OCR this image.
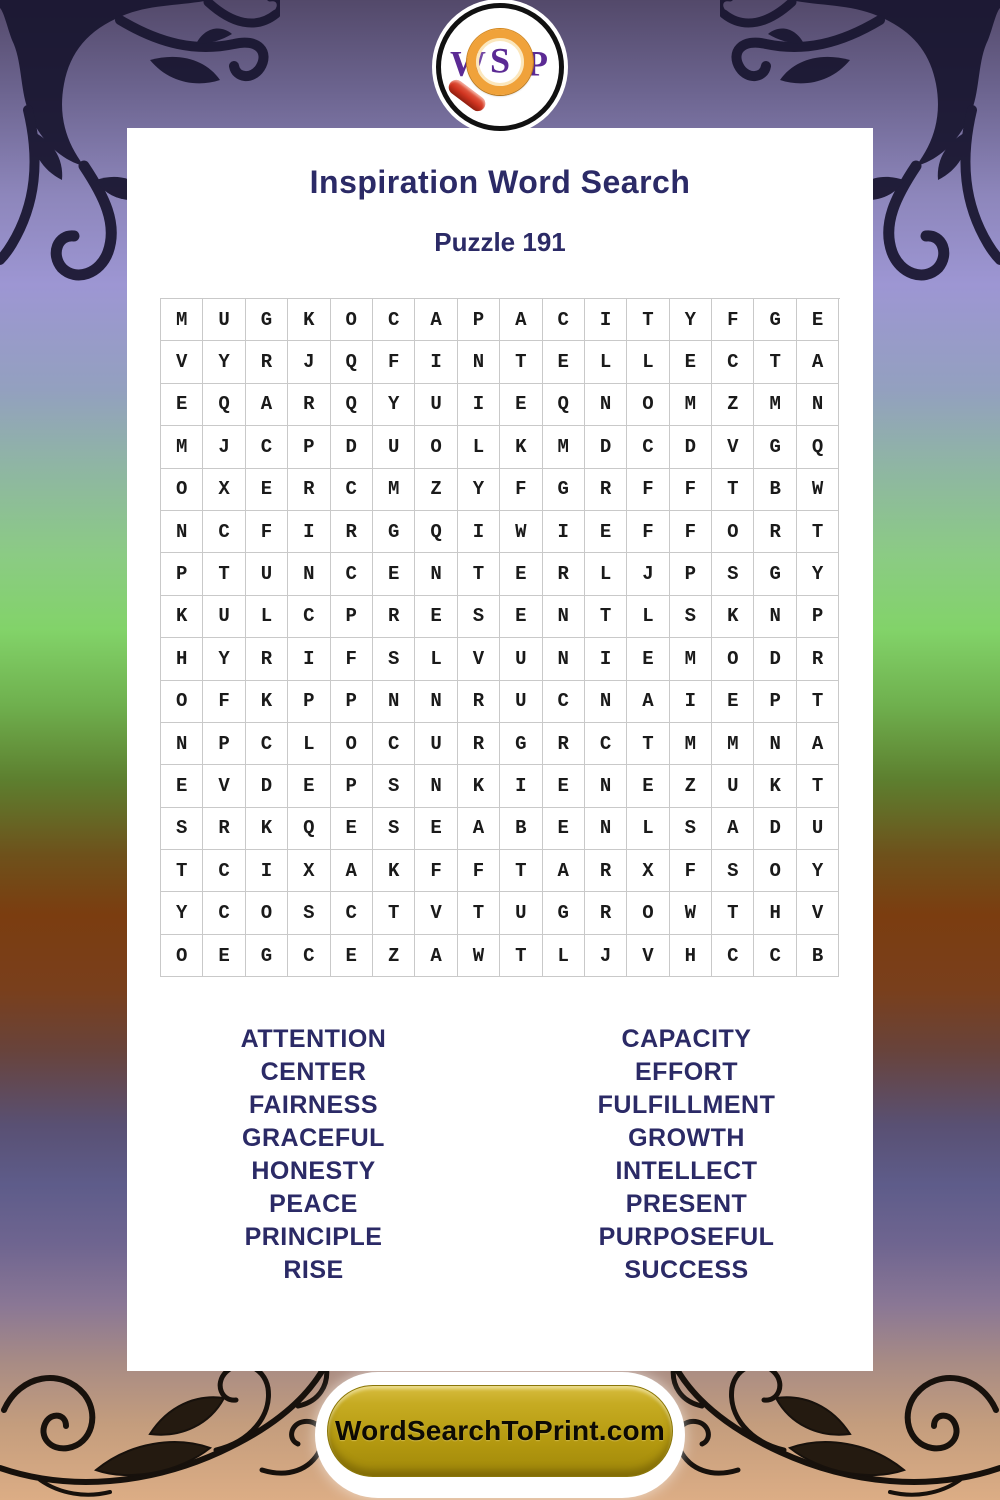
W P
S
Inspiration Word Search
Puzzle 191
M	U	G	K	O	C	A	P	A	C	I	T	Y	F	G	E
V	Y	R	J	Q	F	I	N	T	E	L	L	E	C	T	A
E	Q	A	R	Q	Y	U	I	E	Q	N	O	M	Z	M	N
M	J	C	P	D	U	O	L	K	M	D	C	D	V	G	Q
O	X	E	R	C	M	Z	Y	F	G	R	F	F	T	B	W
N	C	F	I	R	G	Q	I	W	I	E	F	F	O	R	T
P	T	U	N	C	E	N	T	E	R	L	J	P	S	G	Y
K	U	L	C	P	R	E	S	E	N	T	L	S	K	N	P
H	Y	R	I	F	S	L	V	U	N	I	E	M	O	D	R
O	F	K	P	P	N	N	R	U	C	N	A	I	E	P	T
N	P	C	L	O	C	U	R	G	R	C	T	M	M	N	A
E	V	D	E	P	S	N	K	I	E	N	E	Z	U	K	T
S	R	K	Q	E	S	E	A	B	E	N	L	S	A	D	U
T	C	I	X	A	K	F	F	T	A	R	X	F	S	O	Y
Y	C	O	S	C	T	V	T	U	G	R	O	W	T	H	V
O	E	G	C	E	Z	A	W	T	L	J	V	H	C	C	B
ATTENTION
CENTER
FAIRNESS
GRACEFUL
HONESTY
PEACE
PRINCIPLE
RISE
CAPACITY
EFFORT
FULFILLMENT
GROWTH
INTELLECT
PRESENT
PURPOSEFUL
SUCCESS
WordSearchToPrint.com
